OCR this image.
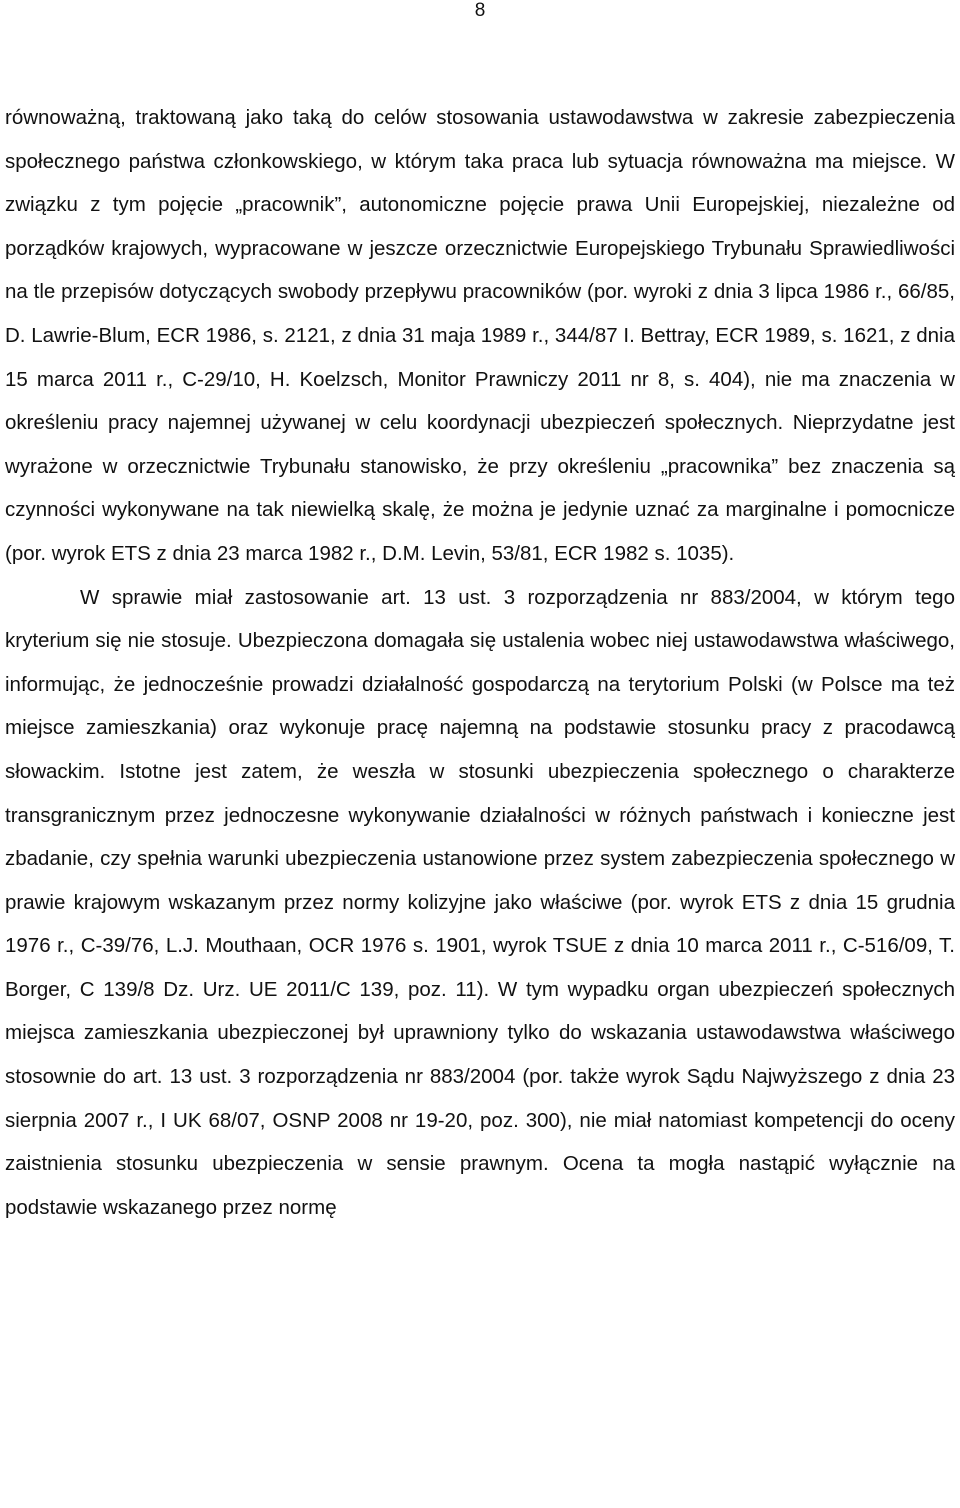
8

równoważną, traktowaną jako taką do celów stosowania ustawodawstwa w zakresie zabezpieczenia społecznego państwa członkowskiego, w którym taka praca lub sytuacja równoważna ma miejsce. W związku z tym pojęcie „pracownik”, autonomiczne pojęcie prawa Unii Europejskiej, niezależne od porządków krajowych, wypracowane w jeszcze orzecznictwie Europejskiego Trybunału Sprawiedliwości na tle przepisów dotyczących swobody przepływu pracowników (por. wyroki z dnia 3 lipca 1986 r., 66/85, D. Lawrie-Blum, ECR 1986, s. 2121, z dnia 31 maja 1989 r., 344/87 I. Bettray, ECR 1989, s. 1621, z dnia 15 marca 2011 r., C-29/10, H. Koelzsch, Monitor Prawniczy 2011 nr 8, s. 404), nie ma znaczenia w określeniu pracy najemnej używanej w celu koordynacji ubezpieczeń społecznych. Nieprzydatne jest wyrażone w orzecznictwie Trybunału stanowisko, że przy określeniu „pracownika” bez znaczenia są czynności wykonywane na tak niewielką skalę, że można je jedynie uznać za marginalne i pomocnicze (por. wyrok ETS z dnia 23 marca 1982 r., D.M. Levin, 53/81, ECR 1982 s. 1035).

W sprawie miał zastosowanie art. 13 ust. 3 rozporządzenia nr 883/2004, w którym tego kryterium się nie stosuje. Ubezpieczona domagała się ustalenia wobec niej ustawodawstwa właściwego, informując, że jednocześnie prowadzi działalność gospodarczą na terytorium Polski (w Polsce ma też miejsce zamieszkania) oraz wykonuje pracę najemną na podstawie stosunku pracy z pracodawcą słowackim. Istotne jest zatem, że weszła w stosunki ubezpieczenia społecznego o charakterze transgranicznym przez jednoczesne wykonywanie działalności w różnych państwach i konieczne jest zbadanie, czy spełnia warunki ubezpieczenia ustanowione przez system zabezpieczenia społecznego w prawie krajowym wskazanym przez normy kolizyjne jako właściwe (por. wyrok ETS z dnia 15 grudnia 1976 r., C-39/76, L.J. Mouthaan, OCR 1976 s. 1901, wyrok TSUE z dnia 10 marca 2011 r., C-516/09, T. Borger, C 139/8 Dz. Urz. UE 2011/C 139, poz. 11). W tym wypadku organ ubezpieczeń społecznych miejsca zamieszkania ubezpieczonej był uprawniony tylko do wskazania ustawodawstwa właściwego stosownie do art. 13 ust. 3 rozporządzenia nr 883/2004 (por. także wyrok Sądu Najwyższego z dnia 23 sierpnia 2007 r., I UK 68/07, OSNP 2008 nr 19-20, poz. 300), nie miał natomiast kompetencji do oceny zaistnienia stosunku ubezpieczenia w sensie prawnym. Ocena ta mogła nastąpić wyłącznie na podstawie wskazanego przez normę
